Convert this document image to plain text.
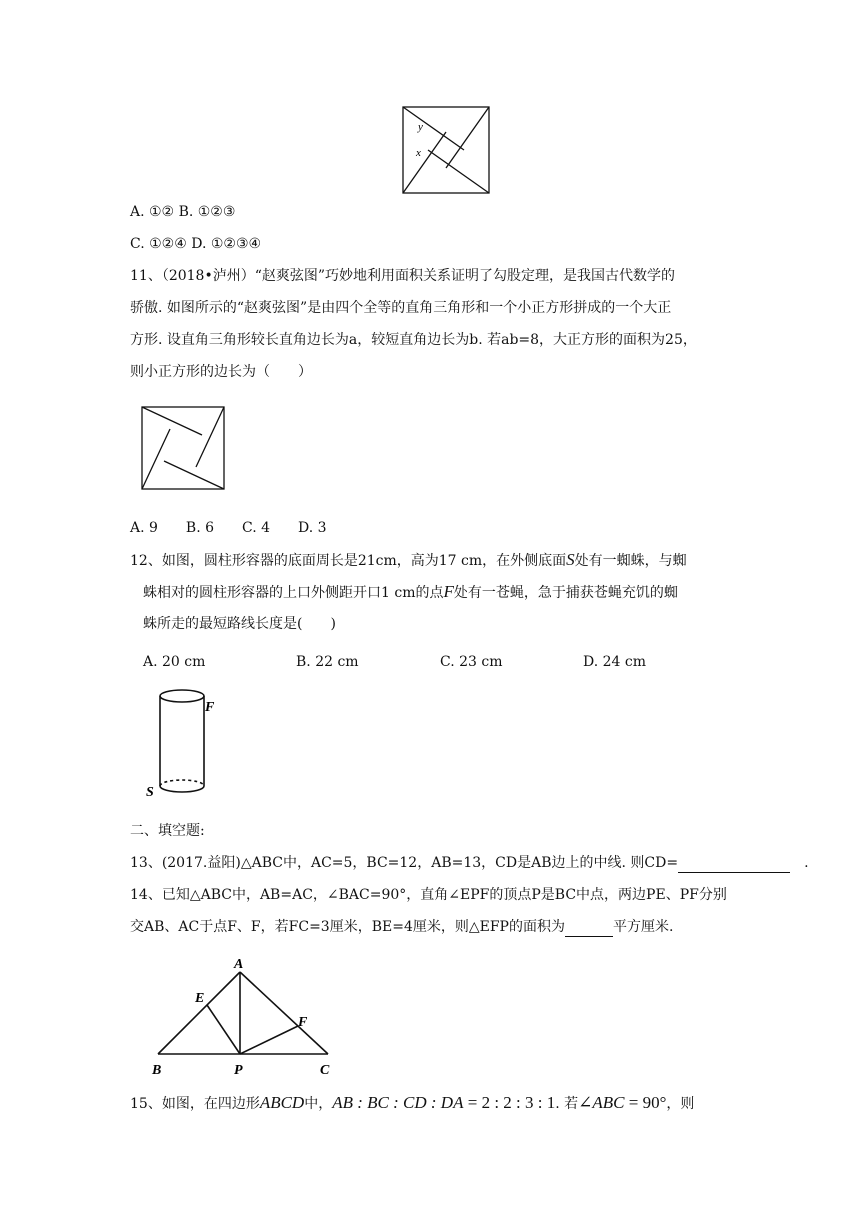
y
x
A. ①② B. ①②③
C. ①②④ D. ①②③④
11、（2018•泸州）“赵爽弦图”巧妙地利用面积关系证明了勾股定理，是我国古代数学的
骄傲. 如图所示的“赵爽弦图”是由四个全等的直角三角形和一个小正方形拼成的一个大正
方形. 设直角三角形较长直角边长为a，较短直角边长为b. 若ab=8，大正方形的面积为25，
则小正方形的边长为（　　）
A. 9　　B. 6　　C. 4　　D. 3
12、如图，圆柱形容器的底面周长是21cm，高为17 cm，在外侧底面S处有一蜘蛛，与蜘
蛛相对的圆柱形容器的上口外侧距开口1 cm的点F处有一苍蝇，急于捕获苍蝇充饥的蜘
蛛所走的最短路线长度是(　　)
A. 20 cm	B. 22 cm	C. 23 cm	D. 24 cm
F
S
二、填空题:
13、(2017.益阳)△ABC中，AC=5，BC=12，AB=13，CD是AB边上的中线. 则CD=	.
14、已知△ABC中，AB=AC，∠BAC=90°，直角∠EPF的顶点P是BC中点，两边PE、PF分别
交AB、AC于点F、F，若FC=3厘米，BE=4厘米，则△EFP的面积为	平方厘米.
A
E
F
B	P	C
15、如图，在四边形ABCD中，AB : BC : CD : DA = 2 : 2 : 3 : 1. 若∠ABC = 90°，则
